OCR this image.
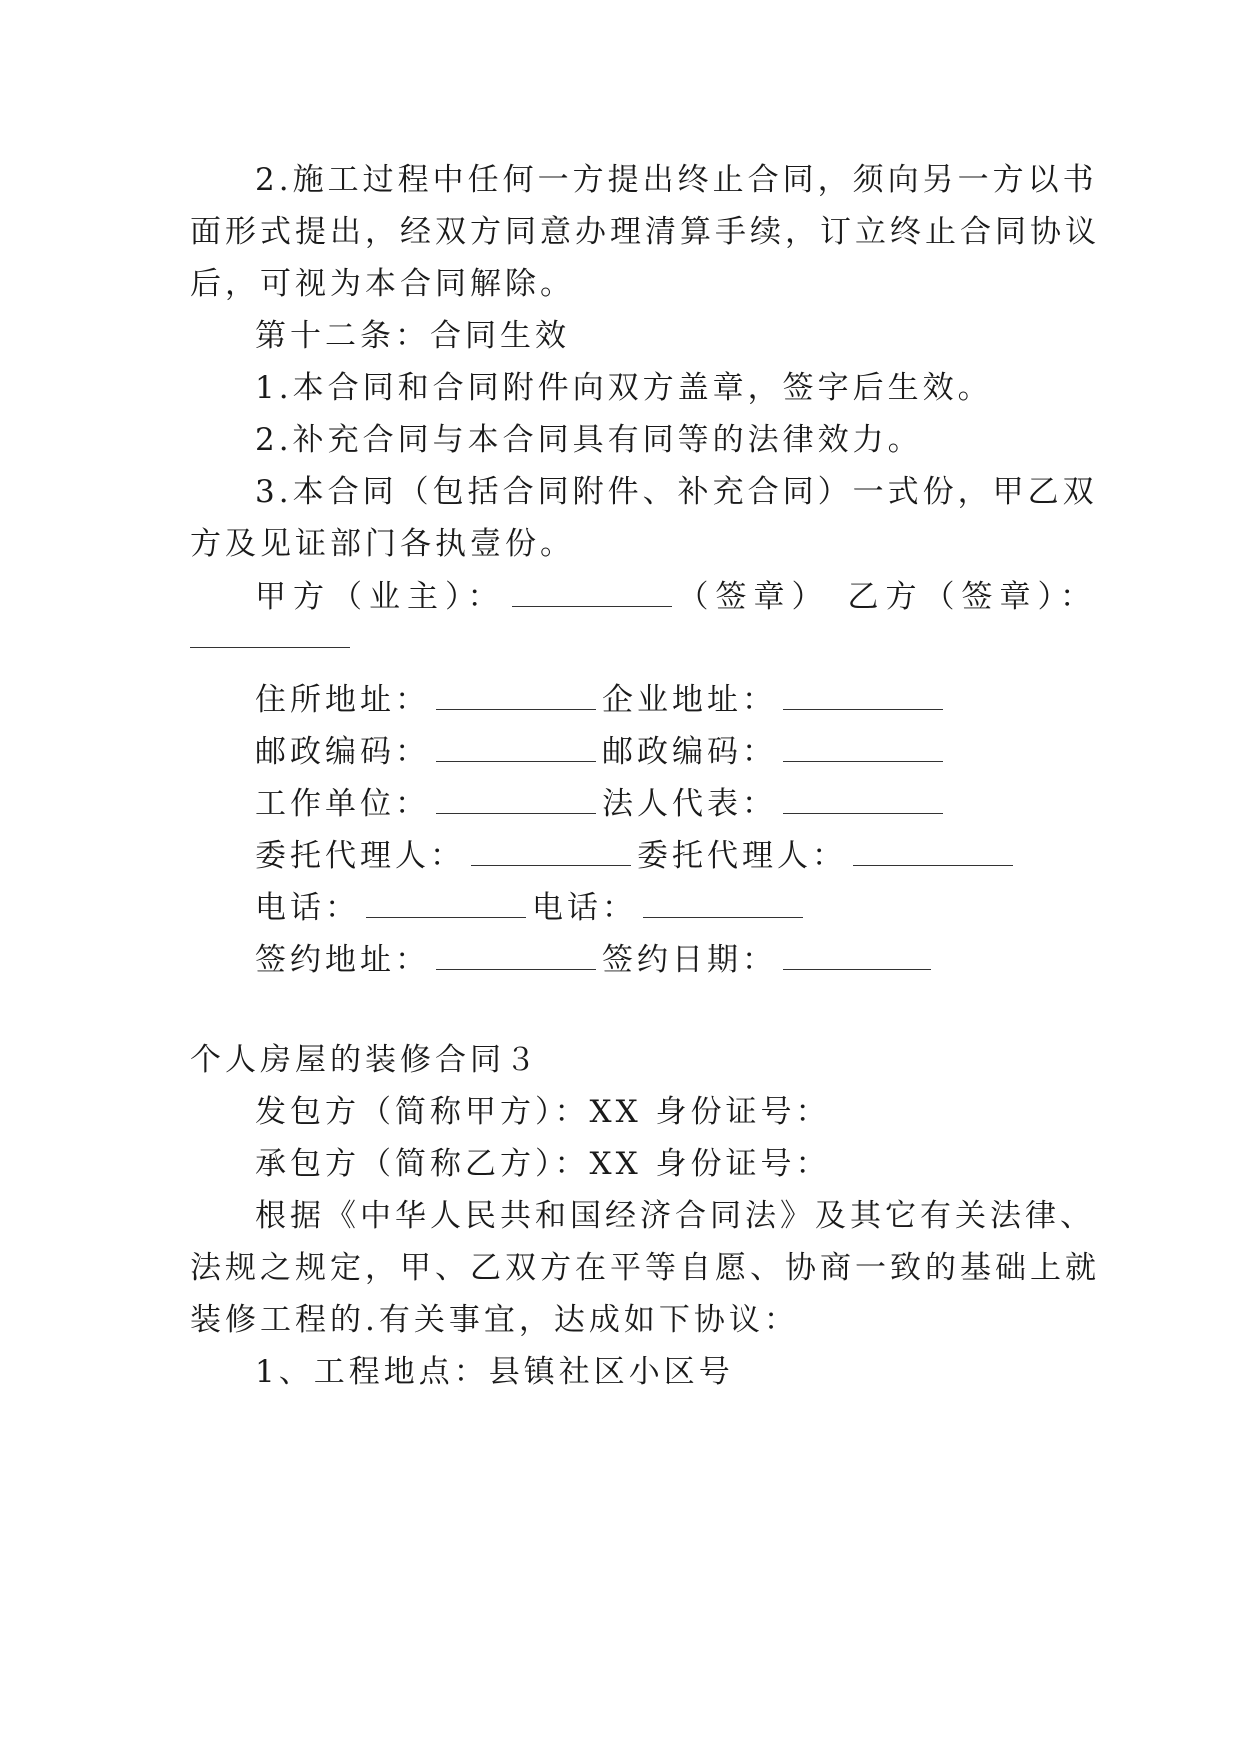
2.施工过程中任何一方提出终止合同，须向另一方以书
面形式提出，经双方同意办理清算手续，订立终止合同协议
后，可视为本合同解除。
第十二条：合同生效
1.本合同和合同附件向双方盖章，签字后生效。
2.补充合同与本合同具有同等的法律效力。
3.本合同（包括合同附件、补充合同）一式份，甲乙双
方及见证部门各执壹份。
甲方（业主）：	（签章） 乙方（签章）：
住所地址：	企业地址：
邮政编码：	邮政编码：
工作单位：	法人代表：
委托代理人：	委托代理人：
电话：	电话：
签约地址：	签约日期：
个人房屋的装修合同３
发包方（简称甲方）：XX 身份证号：
承包方（简称乙方）：XX 身份证号：
根据《中华人民共和国经济合同法》及其它有关法律、
法规之规定，甲、乙双方在平等自愿、协商一致的基础上就
装修工程的.有关事宜，达成如下协议：
1、工程地点：县镇社区小区号
